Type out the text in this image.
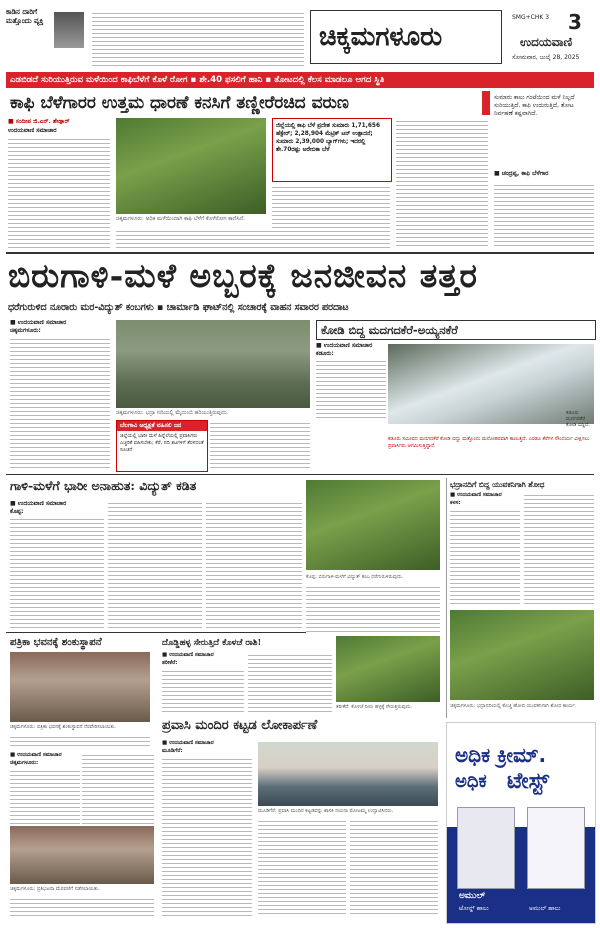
ಕಾಡಿನ ದಾರಿಗೆ ಮತ್ತೊಂದು ವ್ಯಕ್ತಿ
ಚಿಕ್ಕಮಗಳೂರು
SMG+CHK 3 3
ಉದಯವಾಣಿ
ಸೋಮವಾರ, ಜುಲೈ 28, 2025
ಎಡಬಿಡದೆ ಸುರಿಯುತ್ತಿರುವ ಮಳೆಯಿಂದ ಕಾಫಿಬೆಳೆಗೆ ಕೊಳೆ ರೋಗ ▪ ಶೇ.40 ಫಸಲಿಗೆ ಹಾನಿ ▪ ತೋಟದಲ್ಲಿ ಕೆಲಸ ಮಾಡಲೂ ಆಗದ ಸ್ಥಿತಿ
ಕಾಫಿ ಬೆಳೆಗಾರರ ಉತ್ತಮ ಧಾರಣೆ ಕನಸಿಗೆ ತಣ್ಣೀರೆರಚಿದ ವರುಣ
■ ಸಂದೀಪ ಜಿ.ಎನ್. ಶೇಡ್ಗಾರ್
ಉದಯವಾಣಿ ಸಮಾಚಾರ
ಚಿಕ್ಕಮಗಳೂರು: ಅಧಿಕ ಮಳೆಯಿಂದಾಗಿ ಕಾಫಿ ಬೆಳೆಗೆ ಕೊಳೆರೋಗ ಕಾಣಿಸಿದೆ.
ಜಿಲ್ಲೆಯಲ್ಲಿ ಕಾಫಿ ಬೆಳೆ ಪ್ರದೇಶ ಸುಮಾರು 1,71,656 ಹೆಕ್ಟೇರ್; 2,28,904 ಮೆಟ್ರಿಕ್ ಟನ್ ಉತ್ಪಾದನೆ; ಸುಮಾರು 2,39,000 ಬ್ಯಾಗ್‌ಗಳು; ಇದರಲ್ಲಿ ಶೇ.70ರಷ್ಟು ಅರೇಬಿಕಾ ಬೆಳೆ
ಸುಮಾರು ಕಾಲು ಗಂಟೆಯಿಂದ ಮಳೆ ನಿಲ್ಲದೆ ಸುರಿಯುತ್ತಿದೆ. ಕಾಫಿ ಉದುರುತ್ತಿದೆ, ತೋಟ ನಿರ್ವಹಣೆ ಕಷ್ಟವಾಗಿದೆ.
■ ಚಂದ್ರಪ್ಪ, ಕಾಫಿ ಬೆಳೆಗಾರ
ಬಿರುಗಾಳಿ-ಮಳೆ ಅಬ್ಬರಕ್ಕೆ ಜನಜೀವನ ತತ್ತರ
ಧರೆಗುರುಳಿದ ನೂರಾರು ಮರ-ವಿದ್ಯುತ್ ಕಂಬಗಳು ▪ ಚಾರ್ಮಾಡಿ ಘಾಟ್‌ನಲ್ಲಿ ಸಂಚಾರಕ್ಕೆ ವಾಹನ ಸವಾರರ ಪರದಾಟ
■ ಉದಯವಾಣಿ ಸಮಾಚಾರ
ಚಿಕ್ಕಮಗಳೂರು:
ಚಿಕ್ಕಮಗಳೂರು: ಭದ್ರಾ ನದಿಯಲ್ಲಿ ಮೈದುಂಬಿ ಹರಿಯುತ್ತಿರುವುದು.
ಬೆಲಗಾವಿ ಅಧ್ಯಕ್ಷತೆ ವಹಿಸಲಿ ಜನ
ಜಿಲ್ಲೆಯಲ್ಲಿ ಭಾರೀ ಮಳೆ ಹಿನ್ನೆಲೆಯಲ್ಲಿ ಪ್ರವಾಸಿಗರು ಎಚ್ಚರಿಕೆ ವಹಿಸಬೇಕು; ಕೆರೆ, ನದಿ ತಟಗಳಿಗೆ ತೆರಳದಂತೆ ಸೂಚನೆ
ಕೋಡಿ ಬಿದ್ದ ಮದಗದಕೆರೆ-ಅಯ್ಯನಕೆರೆ
■ ಉದಯವಾಣಿ ಸಮಾಚಾರ
ಕಡೂರು:
ಕಡೂರು ಮದಗದಕೆರೆ ಕೋಡಿ ಬಿದ್ದಿದೆ.
ಕಡೂರು ಸಮೀಪದ ಮದಗದಕೆರೆ ಕೋಡಿ ಬಿದ್ದು ಮತ್ತೊಂದು ಮನೋಹರವಾಗಿ ಕಾಣುತ್ತಿದೆ. ಎರಡೂ ಕೆರೆಗಳ ಸೌಂದರ್ಯ ವೀಕ್ಷಿಸಲು ಪ್ರವಾಸಿಗರು ಆಗಮಿಸುತ್ತಿದ್ದಾರೆ.
ಗಾಳಿ-ಮಳೆಗೆ ಭಾರೀ ಅನಾಹುತ: ವಿದ್ಯುತ್ ಕಡಿತ
■ ಉದಯವಾಣಿ ಸಮಾಚಾರ
ಕೊಪ್ಪ:
ಕೊಪ್ಪ: ಬಿರುಗಾಳಿ-ಮಳೆಗೆ ವಿದ್ಯುತ್ ಕಂಬ ಧರೆಗುರುಳಿರುವುದು.
ಭದ್ರಾನದಿಗೆ ಬಿದ್ದ ಯುವಕನಿಗಾಗಿ ಶೋಧ
■ ಉದಯವಾಣಿ ಸಮಾಚಾರ
ಕಳಸ:
ಚಿಕ್ಕಮಗಳೂರು: ಭದ್ರಾನದಿಯಲ್ಲಿ ಕೊಚ್ಚಿ ಹೋದ ಯುವಕನಿಗಾಗಿ ಶೋಧ ಕಾರ್ಯ.
ಪತ್ರಿಕಾ ಭವನಕ್ಕೆ ಶಂಕುಸ್ಥಾಪನೆ
ಚಿಕ್ಕಮಗಳೂರು: ಪತ್ರಿಕಾ ಭವನಕ್ಕೆ ಶಂಕುಸ್ಥಾಪನೆ ನೆರವೇರಿಸಲಾಯಿತು.
ದೊಡ್ಡಿಹಳ್ಳ ಸೇರುತ್ತಿದೆ ಕೊಳಚೆ ರಾಶಿ!
■ ಉದಯವಾಣಿ ಸಮಾಚಾರ
ತರೀಕೆರೆ:
ತರೀಕೆರೆ: ಕೊಳಚೆ ನೀರು ಹಳ್ಳಕ್ಕೆ ಸೇರುತ್ತಿರುವುದು.
ಪ್ರವಾಸಿ ಮಂದಿರ ಕಟ್ಟಡ ಲೋಕಾರ್ಪಣೆ
■ ಉದಯವಾಣಿ ಸಮಾಚಾರ
ಮೂಡಿಗೆರೆ:
ಮೂಡಿಗೆರೆ: ಪ್ರವಾಸಿ ಮಂದಿರ ಕಟ್ಟಡವನ್ನು ಶಾಸಕಿ ನಯನಾ ಮೋಟಮ್ಮ ಉದ್ಘಾಟಿಸಿದರು.
■ ಉದಯವಾಣಿ ಸಮಾಚಾರ
ಚಿಕ್ಕಮಗಳೂರು:
ಚಿಕ್ಕಮಗಳೂರು: ಪ್ರತಿಭಟನಾ ಮೆರವಣಿಗೆ ನಡೆಸಲಾಯಿತು.
ಅಧಿಕ ಕ್ರೀಮ್.
ಅಧಿಕ ಟೇಸ್ಟ್
ಅಮುಲ್
ಟೋನ್ಡ್ ಹಾಲು	ಅಮುಲ್ ಹಾಲು
